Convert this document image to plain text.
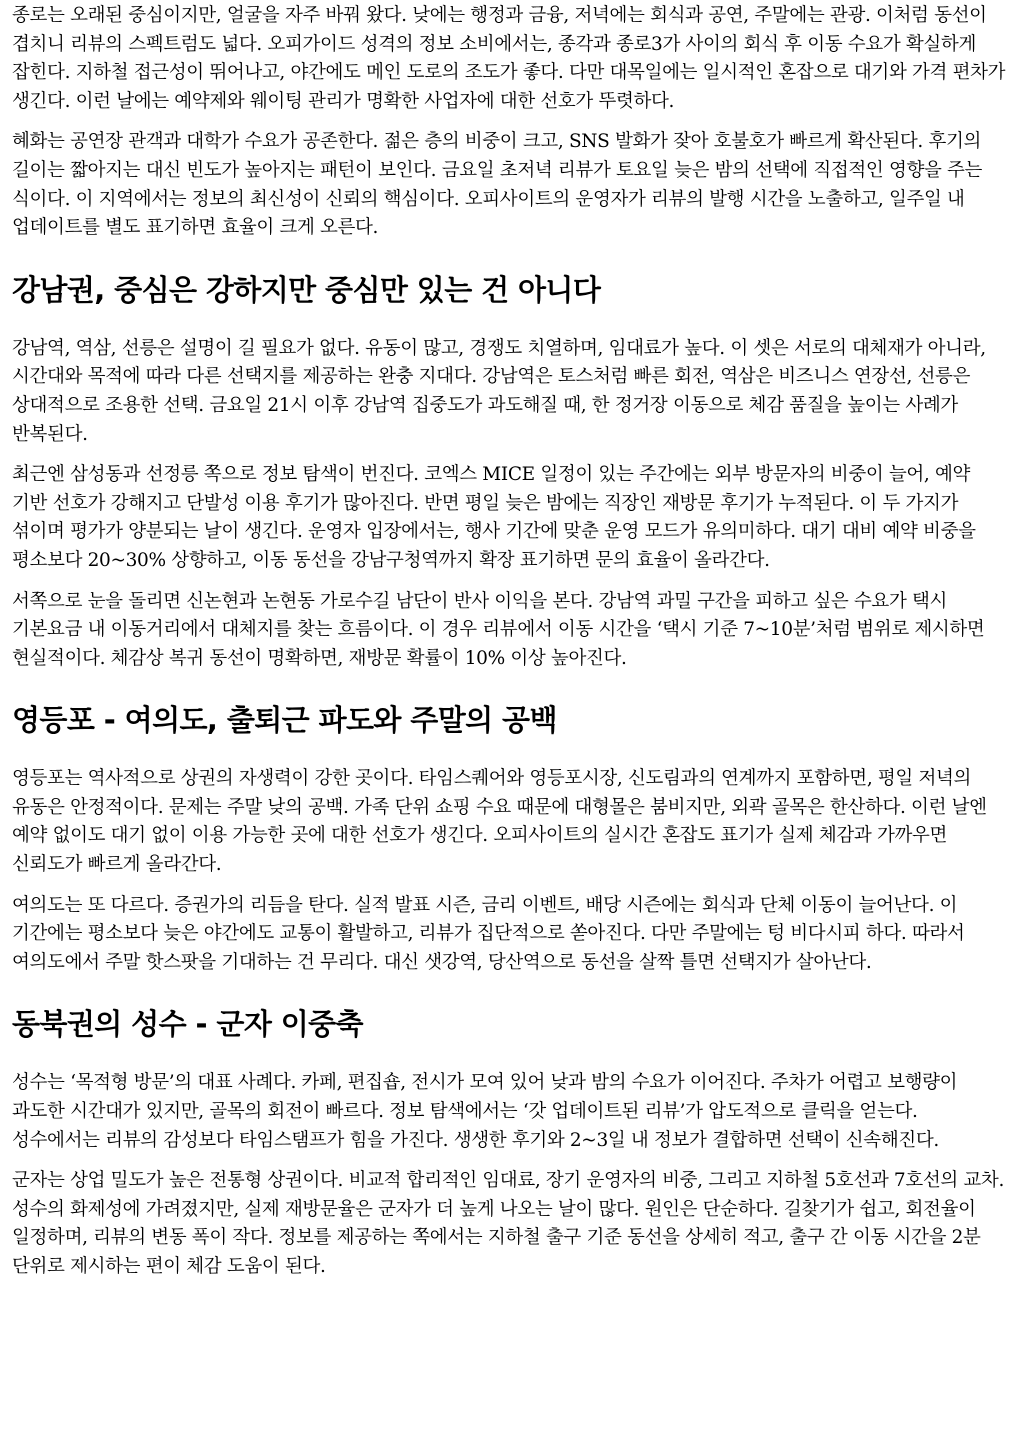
종로는 오래된 중심이지만, 얼굴을 자주 바꿔 왔다. 낮에는 행정과 금융, 저녁에는 회식과 공연, 주말에는 관광. 이처럼 동선이 겹치니 리뷰의 스펙트럼도 넓다. 오피가이드 성격의 정보 소비에서는, 종각과 종로3가 사이의 회식 후 이동 수요가 확실하게 잡힌다. 지하철 접근성이 뛰어나고, 야간에도 메인 도로의 조도가 좋다. 다만 대목일에는 일시적인 혼잡으로 대기와 가격 편차가 생긴다. 이런 날에는 예약제와 웨이팅 관리가 명확한 사업자에 대한 선호가 뚜렷하다.

혜화는 공연장 관객과 대학가 수요가 공존한다. 젊은 층의 비중이 크고, SNS 발화가 잦아 호불호가 빠르게 확산된다. 후기의 길이는 짧아지는 대신 빈도가 높아지는 패턴이 보인다. 금요일 초저녁 리뷰가 토요일 늦은 밤의 선택에 직접적인 영향을 주는 식이다. 이 지역에서는 정보의 최신성이 신뢰의 핵심이다. 오피사이트의 운영자가 리뷰의 발행 시간을 노출하고, 일주일 내 업데이트를 별도 표기하면 효율이 크게 오른다.

강남권, 중심은 강하지만 중심만 있는 건 아니다

강남역, 역삼, 선릉은 설명이 길 필요가 없다. 유동이 많고, 경쟁도 치열하며, 임대료가 높다. 이 셋은 서로의 대체재가 아니라, 시간대와 목적에 따라 다른 선택지를 제공하는 완충 지대다. 강남역은 토스처럼 빠른 회전, 역삼은 비즈니스 연장선, 선릉은 상대적으로 조용한 선택. 금요일 21시 이후 강남역 집중도가 과도해질 때, 한 정거장 이동으로 체감 품질을 높이는 사례가 반복된다.

최근엔 삼성동과 선정릉 쪽으로 정보 탐색이 번진다. 코엑스 MICE 일정이 있는 주간에는 외부 방문자의 비중이 늘어, 예약 기반 선호가 강해지고 단발성 이용 후기가 많아진다. 반면 평일 늦은 밤에는 직장인 재방문 후기가 누적된다. 이 두 가지가 섞이며 평가가 양분되는 날이 생긴다. 운영자 입장에서는, 행사 기간에 맞춘 운영 모드가 유의미하다. 대기 대비 예약 비중을 평소보다 20~30% 상향하고, 이동 동선을 강남구청역까지 확장 표기하면 문의 효율이 올라간다.

서쪽으로 눈을 돌리면 신논현과 논현동 가로수길 남단이 반사 이익을 본다. 강남역 과밀 구간을 피하고 싶은 수요가 택시 기본요금 내 이동거리에서 대체지를 찾는 흐름이다. 이 경우 리뷰에서 이동 시간을 ‘택시 기준 7~10분’처럼 범위로 제시하면 현실적이다. 체감상 복귀 동선이 명확하면, 재방문 확률이 10% 이상 높아진다.

영등포 - 여의도, 출퇴근 파도와 주말의 공백

영등포는 역사적으로 상권의 자생력이 강한 곳이다. 타임스퀘어와 영등포시장, 신도림과의 연계까지 포함하면, 평일 저녁의 유동은 안정적이다. 문제는 주말 낮의 공백. 가족 단위 쇼핑 수요 때문에 대형몰은 붐비지만, 외곽 골목은 한산하다. 이런 날엔 예약 없이도 대기 없이 이용 가능한 곳에 대한 선호가 생긴다. 오피사이트의 실시간 혼잡도 표기가 실제 체감과 가까우면 신뢰도가 빠르게 올라간다.

여의도는 또 다르다. 증권가의 리듬을 탄다. 실적 발표 시즌, 금리 이벤트, 배당 시즌에는 회식과 단체 이동이 늘어난다. 이 기간에는 평소보다 늦은 야간에도 교통이 활발하고, 리뷰가 집단적으로 쏟아진다. 다만 주말에는 텅 비다시피 하다. 따라서 여의도에서 주말 핫스팟을 기대하는 건 무리다. 대신 샛강역, 당산역으로 동선을 살짝 틀면 선택지가 살아난다.

동북권의 성수 - 군자 이중축

성수는 ‘목적형 방문’의 대표 사례다. 카페, 편집숍, 전시가 모여 있어 낮과 밤의 수요가 이어진다. 주차가 어렵고 보행량이 과도한 시간대가 있지만, 골목의 회전이 빠르다. 정보 탐색에서는 ‘갓 업데이트된 리뷰’가 압도적으로 클릭을 얻는다. 성수에서는 리뷰의 감성보다 타임스탬프가 힘을 가진다. 생생한 후기와 2~3일 내 정보가 결합하면 선택이 신속해진다.

군자는 상업 밀도가 높은 전통형 상권이다. 비교적 합리적인 임대료, 장기 운영자의 비중, 그리고 지하철 5호선과 7호선의 교차. 성수의 화제성에 가려졌지만, 실제 재방문율은 군자가 더 높게 나오는 날이 많다. 원인은 단순하다. 길찾기가 쉽고, 회전율이 일정하며, 리뷰의 변동 폭이 작다. 정보를 제공하는 쪽에서는 지하철 출구 기준 동선을 상세히 적고, 출구 간 이동 시간을 2분 단위로 제시하는 편이 체감 도움이 된다.
